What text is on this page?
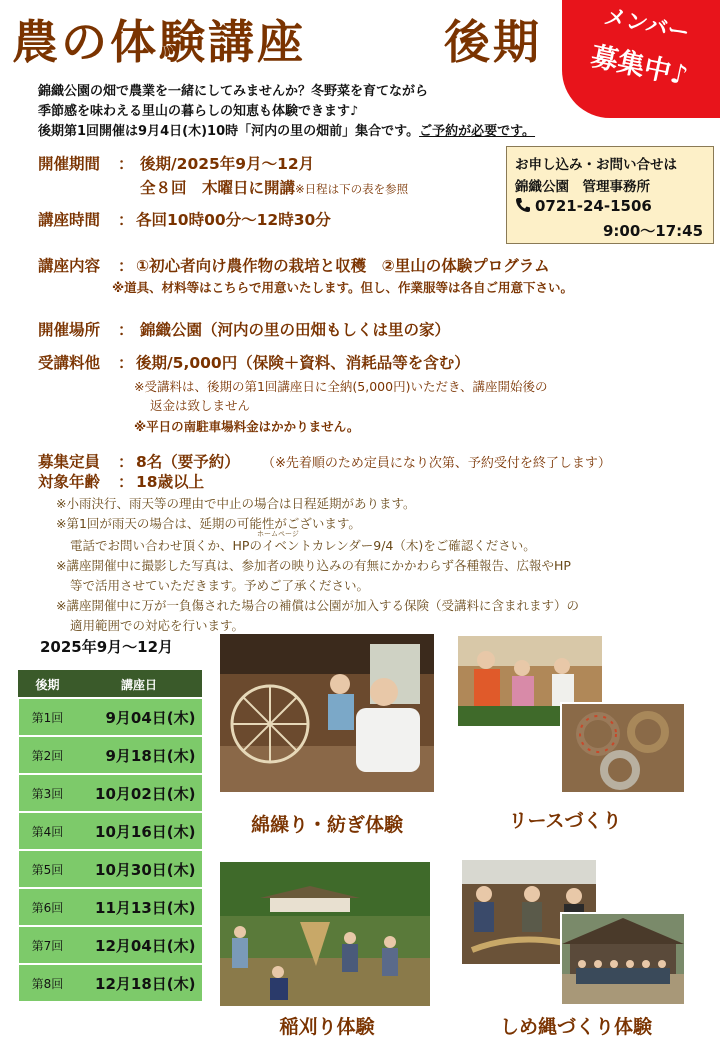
農の体験講座	後期	メンバー
募集中♪
錦織公園の畑で農業を一緒にしてみませんか？冬野菜を育てながら
季節感を味わえる里山の暮らしの知恵も体験できます♪
後期第1回開催は9月4日(木)10時「河内の里の畑前」集合です。ご予約が必要です。
お申し込み・お問い合せは
錦織公園　管理事務所
0721-24-1506
9:00～17:45
開催期間 ： 後期/2025年9月～12月
全８回　木曜日に開講※日程は下の表を参照
講座時間 ： 各回10時00分～12時30分
講座内容 ： ①初心者向け農作物の栽培と収穫　②里山の体験プログラム
※道具、材料等はこちらで用意いたします。但し、作業服等は各自ご用意下さい。
開催場所 ： 錦織公園（河内の里の田畑もしくは里の家）
受講料他 ： 後期/5,000円（保険＋資料、消耗品等を含む）
※受講料は、後期の第1回講座日に全納(5,000円)いただき、講座開始後の
返金は致しません
※平日の南駐車場料金はかかりません。
募集定員 ： 8名（要予約） （※先着順のため定員になり次第、予約受付を終了します）
対象年齢 ： 18歳以上
※小雨決行、雨天等の理由で中止の場合は日程延期があります。
※第1回が雨天の場合は、延期の可能性がございます。
ホームページ
電話でお問い合わせ頂くか、HPのイベントカレンダー9/4（木)をご確認ください。
※講座開催中に撮影した写真は、参加者の映り込みの有無にかかわらず各種報告、広報やHP
等で活用させていただきます。予めご了承ください。
※講座開催中に万が一負傷された場合の補償は公園が加入する保険（受講料に含まれます）の
適用範囲での対応を行います。
2025年9月～12月
後期	講座日
第1回	9月04日(木)
第2回	9月18日(木)
第3回	10月02日(木)
第4回	10月16日(木)
第5回	10月30日(木)
第6回	11月13日(木)
第7回	12月04日(木)
第8回	12月18日(木)
綿繰り・紡ぎ体験	リースづくり
稲刈り体験	しめ縄づくり体験
